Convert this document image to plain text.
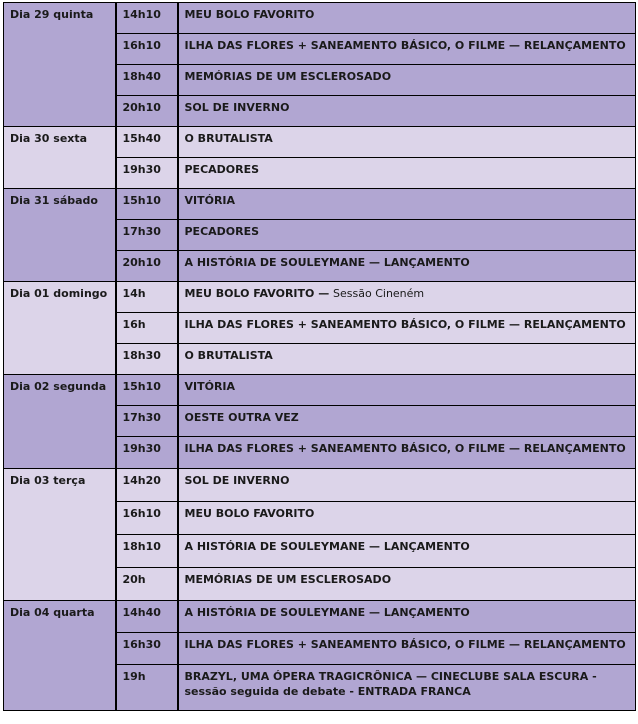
Dia 29 quinta	14h10	MEU BOLO FAVORITO
	16h10	ILHA DAS FLORES + SANEAMENTO BÁSICO, O FILME — RELANÇAMENTO
	18h40	MEMÓRIAS DE UM ESCLEROSADO
	20h10	SOL DE INVERNO
Dia 30 sexta	15h40	O BRUTALISTA
	19h30	PECADORES
Dia 31 sábado	15h10	VITÓRIA
	17h30	PECADORES
	20h10	A HISTÓRIA DE SOULEYMANE — LANÇAMENTO
Dia 01 domingo	14h	MEU BOLO FAVORITO — Sessão Cineném
	16h	ILHA DAS FLORES + SANEAMENTO BÁSICO, O FILME — RELANÇAMENTO
	18h30	O BRUTALISTA
Dia 02 segunda	15h10	VITÓRIA
	17h30	OESTE OUTRA VEZ
	19h30	ILHA DAS FLORES + SANEAMENTO BÁSICO, O FILME — RELANÇAMENTO
Dia 03 terça	14h20	SOL DE INVERNO
	16h10	MEU BOLO FAVORITO
	18h10	A HISTÓRIA DE SOULEYMANE — LANÇAMENTO
	20h	MEMÓRIAS DE UM ESCLEROSADO
Dia 04 quarta	14h40	A HISTÓRIA DE SOULEYMANE — LANÇAMENTO
	16h30	ILHA DAS FLORES + SANEAMENTO BÁSICO, O FILME — RELANÇAMENTO
	19h	BRAZYL, UMA ÓPERA TRAGICRÔNICA — CINECLUBE SALA ESCURA - sessão seguida de debate - ENTRADA FRANCA
